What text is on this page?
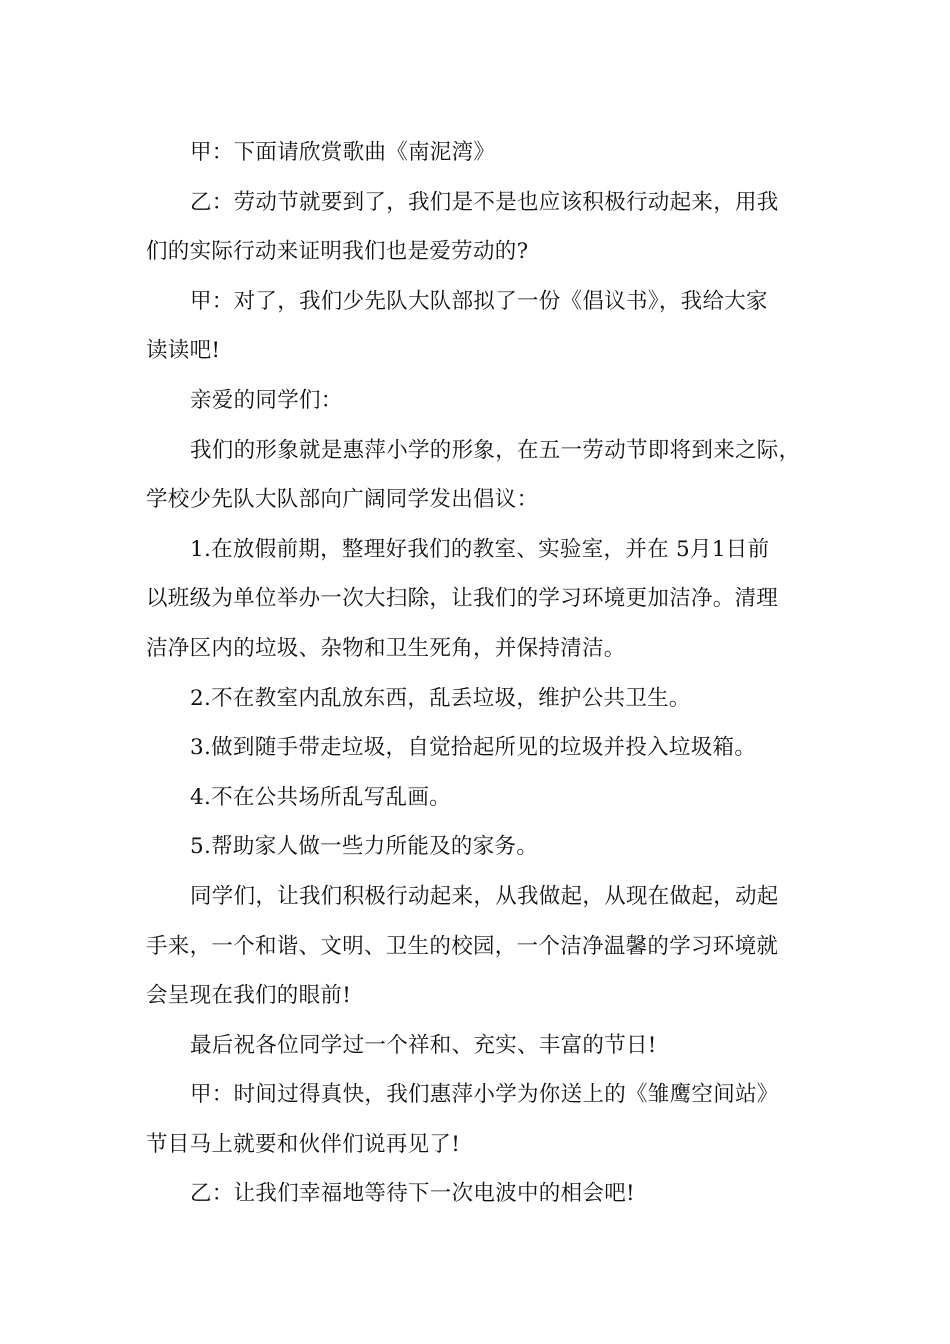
甲：下面请欣赏歌曲《南泥湾》
乙：劳动节就要到了，我们是不是也应该积极行动起来，用我
们的实际行动来证明我们也是爱劳动的?
甲：对了，我们少先队大队部拟了一份《倡议书》，我给大家
读读吧!
亲爱的同学们：
我们的形象就是惠萍小学的形象，在五一劳动节即将到来之际，
学校少先队大队部向广阔同学发出倡议：
1.在放假前期，整理好我们的教室、实验室，并在 5月1日前
以班级为单位举办一次大扫除，让我们的学习环境更加洁净。清理
洁净区内的垃圾、杂物和卫生死角，并保持清洁。
2.不在教室内乱放东西，乱丢垃圾，维护公共卫生。
3.做到随手带走垃圾，自觉拾起所见的垃圾并投入垃圾箱。
4.不在公共场所乱写乱画。
5.帮助家人做一些力所能及的家务。
同学们，让我们积极行动起来，从我做起，从现在做起，动起
手来，一个和谐、文明、卫生的校园，一个洁净温馨的学习环境就
会呈现在我们的眼前!
最后祝各位同学过一个祥和、充实、丰富的节日!
甲：时间过得真快，我们惠萍小学为你送上的《雏鹰空间站》
节目马上就要和伙伴们说再见了!
乙：让我们幸福地等待下一次电波中的相会吧!
